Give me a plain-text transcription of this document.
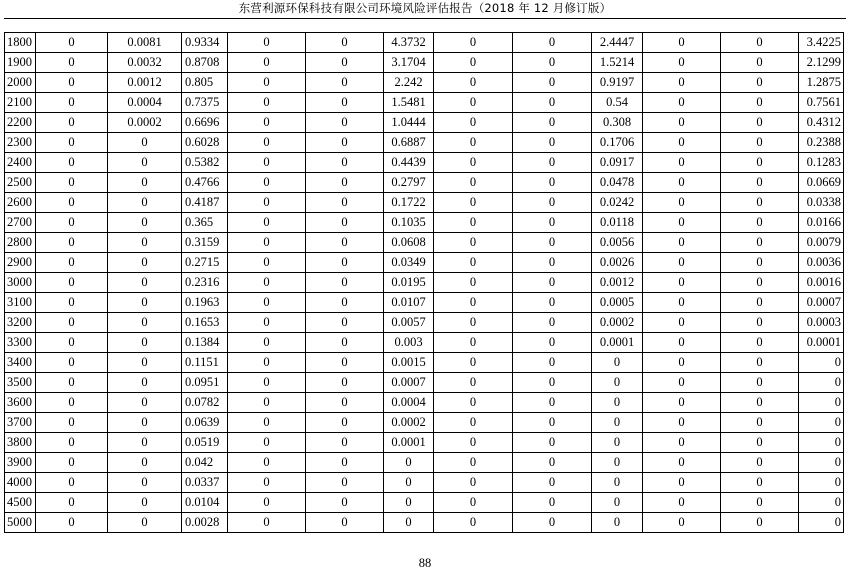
东营利源环保科技有限公司环境风险评估报告（2018 年 12 月修订版）
1800	0	0.0081	0.9334	0	0	4.3732	0	0	2.4447	0	0	3.4225
1900	0	0.0032	0.8708	0	0	3.1704	0	0	1.5214	0	0	2.1299
2000	0	0.0012	0.805	0	0	2.242	0	0	0.9197	0	0	1.2875
2100	0	0.0004	0.7375	0	0	1.5481	0	0	0.54	0	0	0.7561
2200	0	0.0002	0.6696	0	0	1.0444	0	0	0.308	0	0	0.4312
2300	0	0	0.6028	0	0	0.6887	0	0	0.1706	0	0	0.2388
2400	0	0	0.5382	0	0	0.4439	0	0	0.0917	0	0	0.1283
2500	0	0	0.4766	0	0	0.2797	0	0	0.0478	0	0	0.0669
2600	0	0	0.4187	0	0	0.1722	0	0	0.0242	0	0	0.0338
2700	0	0	0.365	0	0	0.1035	0	0	0.0118	0	0	0.0166
2800	0	0	0.3159	0	0	0.0608	0	0	0.0056	0	0	0.0079
2900	0	0	0.2715	0	0	0.0349	0	0	0.0026	0	0	0.0036
3000	0	0	0.2316	0	0	0.0195	0	0	0.0012	0	0	0.0016
3100	0	0	0.1963	0	0	0.0107	0	0	0.0005	0	0	0.0007
3200	0	0	0.1653	0	0	0.0057	0	0	0.0002	0	0	0.0003
3300	0	0	0.1384	0	0	0.003	0	0	0.0001	0	0	0.0001
3400	0	0	0.1151	0	0	0.0015	0	0	0	0	0	0
3500	0	0	0.0951	0	0	0.0007	0	0	0	0	0	0
3600	0	0	0.0782	0	0	0.0004	0	0	0	0	0	0
3700	0	0	0.0639	0	0	0.0002	0	0	0	0	0	0
3800	0	0	0.0519	0	0	0.0001	0	0	0	0	0	0
3900	0	0	0.042	0	0	0	0	0	0	0	0	0
4000	0	0	0.0337	0	0	0	0	0	0	0	0	0
4500	0	0	0.0104	0	0	0	0	0	0	0	0	0
5000	0	0	0.0028	0	0	0	0	0	0	0	0	0
88
